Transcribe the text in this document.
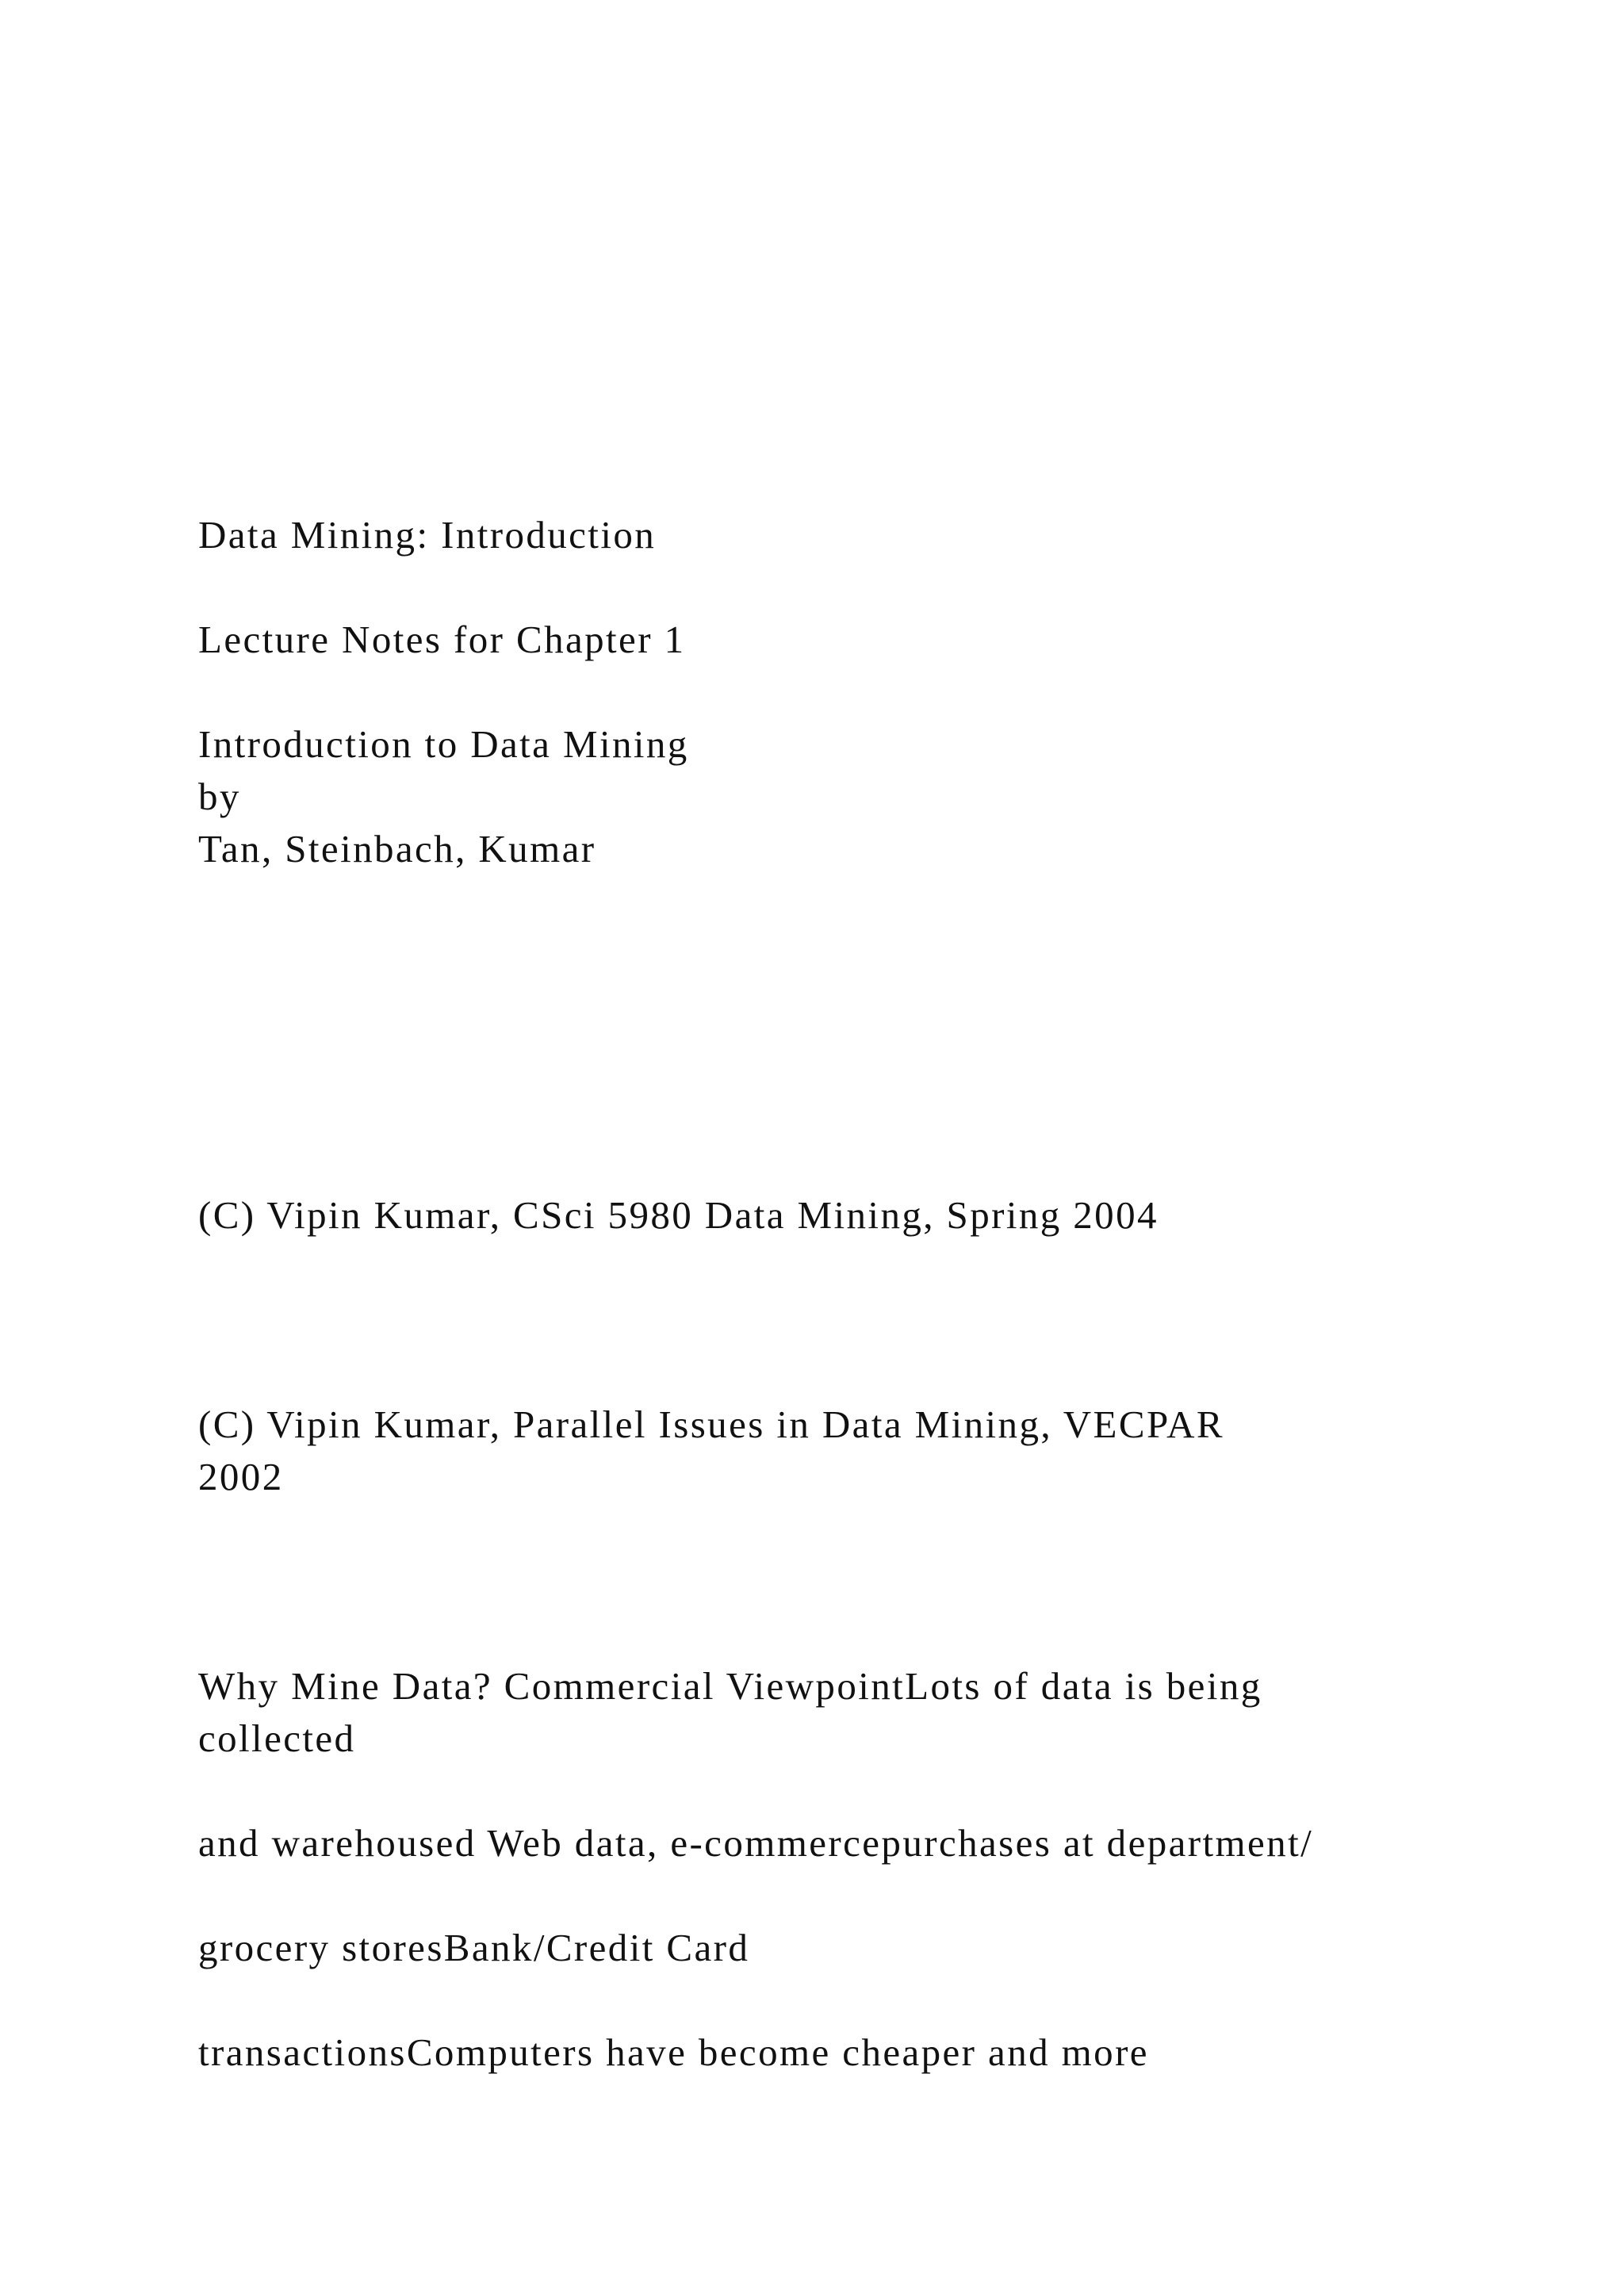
Data Mining: Introduction
Lecture Notes for Chapter 1
Introduction to Data Mining
by
Tan, Steinbach, Kumar
(C) Vipin Kumar, CSci 5980 Data Mining, Spring 2004
(C) Vipin Kumar, Parallel Issues in Data Mining, VECPAR
2002
Why Mine Data? Commercial ViewpointLots of data is being
collected
and warehoused Web data, e-commercepurchases at department/
grocery storesBank/Credit Card
transactionsComputers have become cheaper and more
